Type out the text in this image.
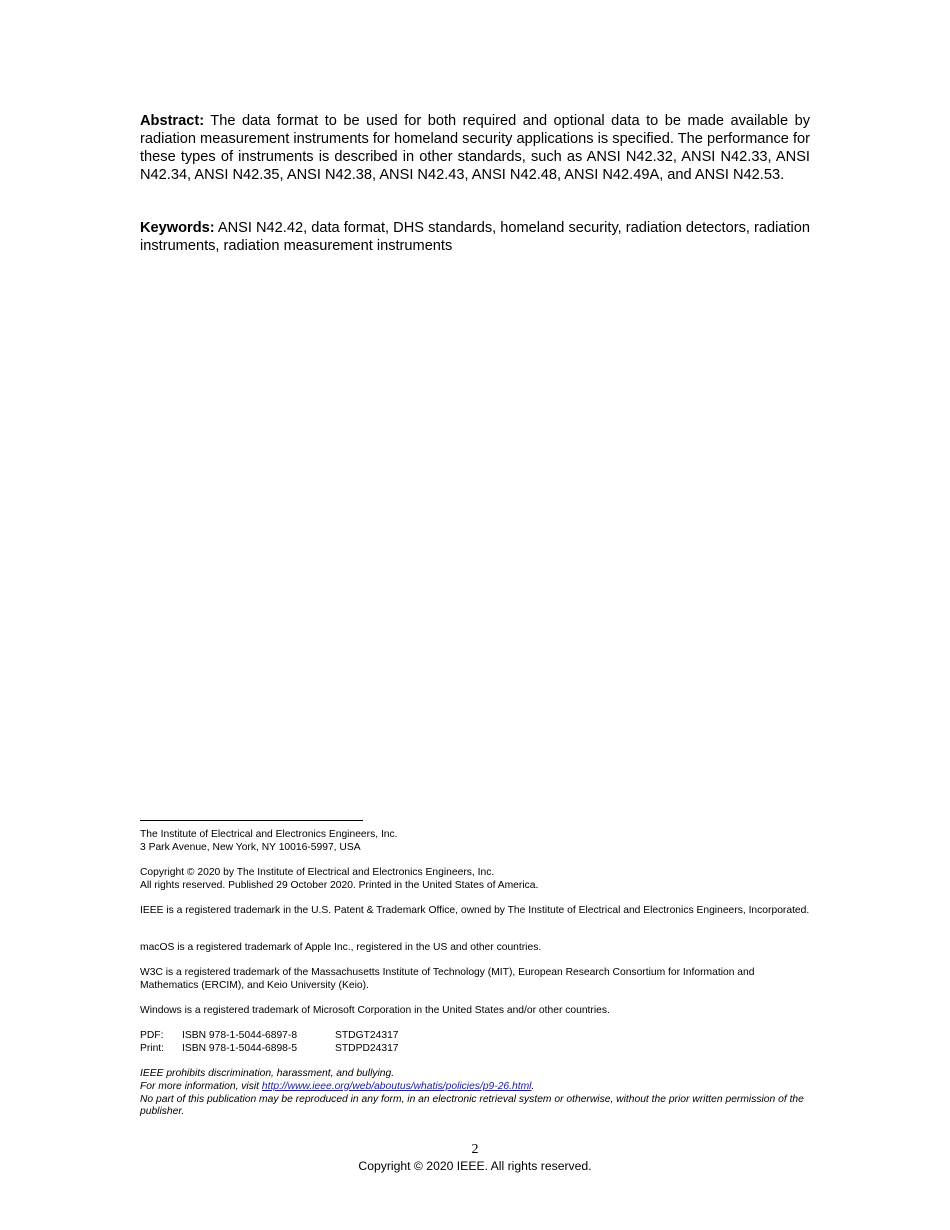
Abstract: The data format to be used for both required and optional data to be made available by radiation measurement instruments for homeland security applications is specified. The performance for these types of instruments is described in other standards, such as ANSI N42.32, ANSI N42.33, ANSI N42.34, ANSI N42.35, ANSI N42.38, ANSI N42.43, ANSI N42.48, ANSI N42.49A, and ANSI N42.53.

Keywords: ANSI N42.42, data format, DHS standards, homeland security, radiation detectors, radiation instruments, radiation measurement instruments

The Institute of Electrical and Electronics Engineers, Inc.
3 Park Avenue, New York, NY 10016-5997, USA

Copyright © 2020 by The Institute of Electrical and Electronics Engineers, Inc.
All rights reserved. Published 29 October 2020. Printed in the United States of America.

IEEE is a registered trademark in the U.S. Patent & Trademark Office, owned by The Institute of Electrical and Electronics Engineers, Incorporated.

macOS is a registered trademark of Apple Inc., registered in the US and other countries.

W3C is a registered trademark of the Massachusetts Institute of Technology (MIT), European Research Consortium for Information and Mathematics (ERCIM), and Keio University (Keio).

Windows is a registered trademark of Microsoft Corporation in the United States and/or other countries.

PDF:	ISBN 978-1-5044-6897-8	STDGT24317
Print:	ISBN 978-1-5044-6898-5	STDPD24317

IEEE prohibits discrimination, harassment, and bullying.
For more information, visit http://www.ieee.org/web/aboutus/whatis/policies/p9-26.html.
No part of this publication may be reproduced in any form, in an electronic retrieval system or otherwise, without the prior written permission of the publisher.

2
Copyright © 2020 IEEE. All rights reserved.
